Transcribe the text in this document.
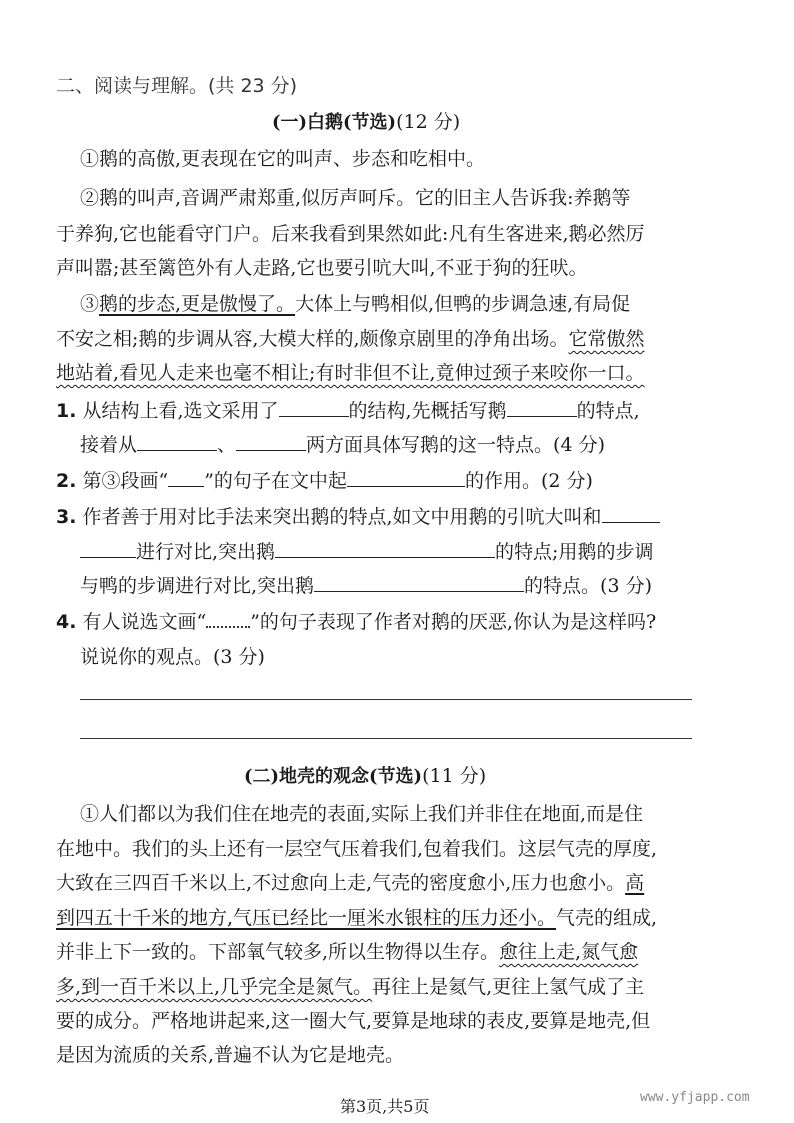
二、阅读与理解。(共 23 分)
(一)白鹅(节选)(12 分)
①鹅的高傲,更表现在它的叫声、步态和吃相中。
②鹅的叫声,音调严肃郑重,似厉声呵斥。它的旧主人告诉我:养鹅等
于养狗,它也能看守门户。后来我看到果然如此:凡有生客进来,鹅必然厉
声叫嚣;甚至篱笆外有人走路,它也要引吭大叫,不亚于狗的狂吠。
③鹅的步态,更是傲慢了。大体上与鸭相似,但鸭的步调急速,有局促
不安之相;鹅的步调从容,大模大样的,颇像京剧里的净角出场。它常傲然
地站着,看见人走来也毫不相让;有时非但不让,竟伸过颈子来咬你一口。
1. 从结构上看,选文采用了	的结构,先概括写鹅	的特点,
接着从	、	两方面具体写鹅的这一特点。(4 分)
2. 第③段画“ ”的句子在文中起	的作用。(2 分)
3. 作者善于用对比手法来突出鹅的特点,如文中用鹅的引吭大叫和
进行对比,突出鹅	的特点;用鹅的步调
与鸭的步调进行对比,突出鹅	的特点。(3 分)
4. 有人说选文画“ ”的句子表现了作者对鹅的厌恶,你认为是这样吗?
说说你的观点。(3 分)
(二)地壳的观念(节选)(11 分)
①人们都以为我们住在地壳的表面,实际上我们并非住在地面,而是住
在地中。我们的头上还有一层空气压着我们,包着我们。这层气壳的厚度,
大致在三四百千米以上,不过愈向上走,气壳的密度愈小,压力也愈小。高
到四五十千米的地方,气压已经比一厘米水银柱的压力还小。气壳的组成,
并非上下一致的。下部氧气较多,所以生物得以生存。愈往上走,氮气愈
多,到一百千米以上,几乎完全是氮气。再往上是氦气,更往上氢气成了主
要的成分。严格地讲起来,这一圈大气,要算是地球的表皮,要算是地壳,但
是因为流质的关系,普遍不认为它是地壳。
第3页,共5页	www.yfjapp.com
